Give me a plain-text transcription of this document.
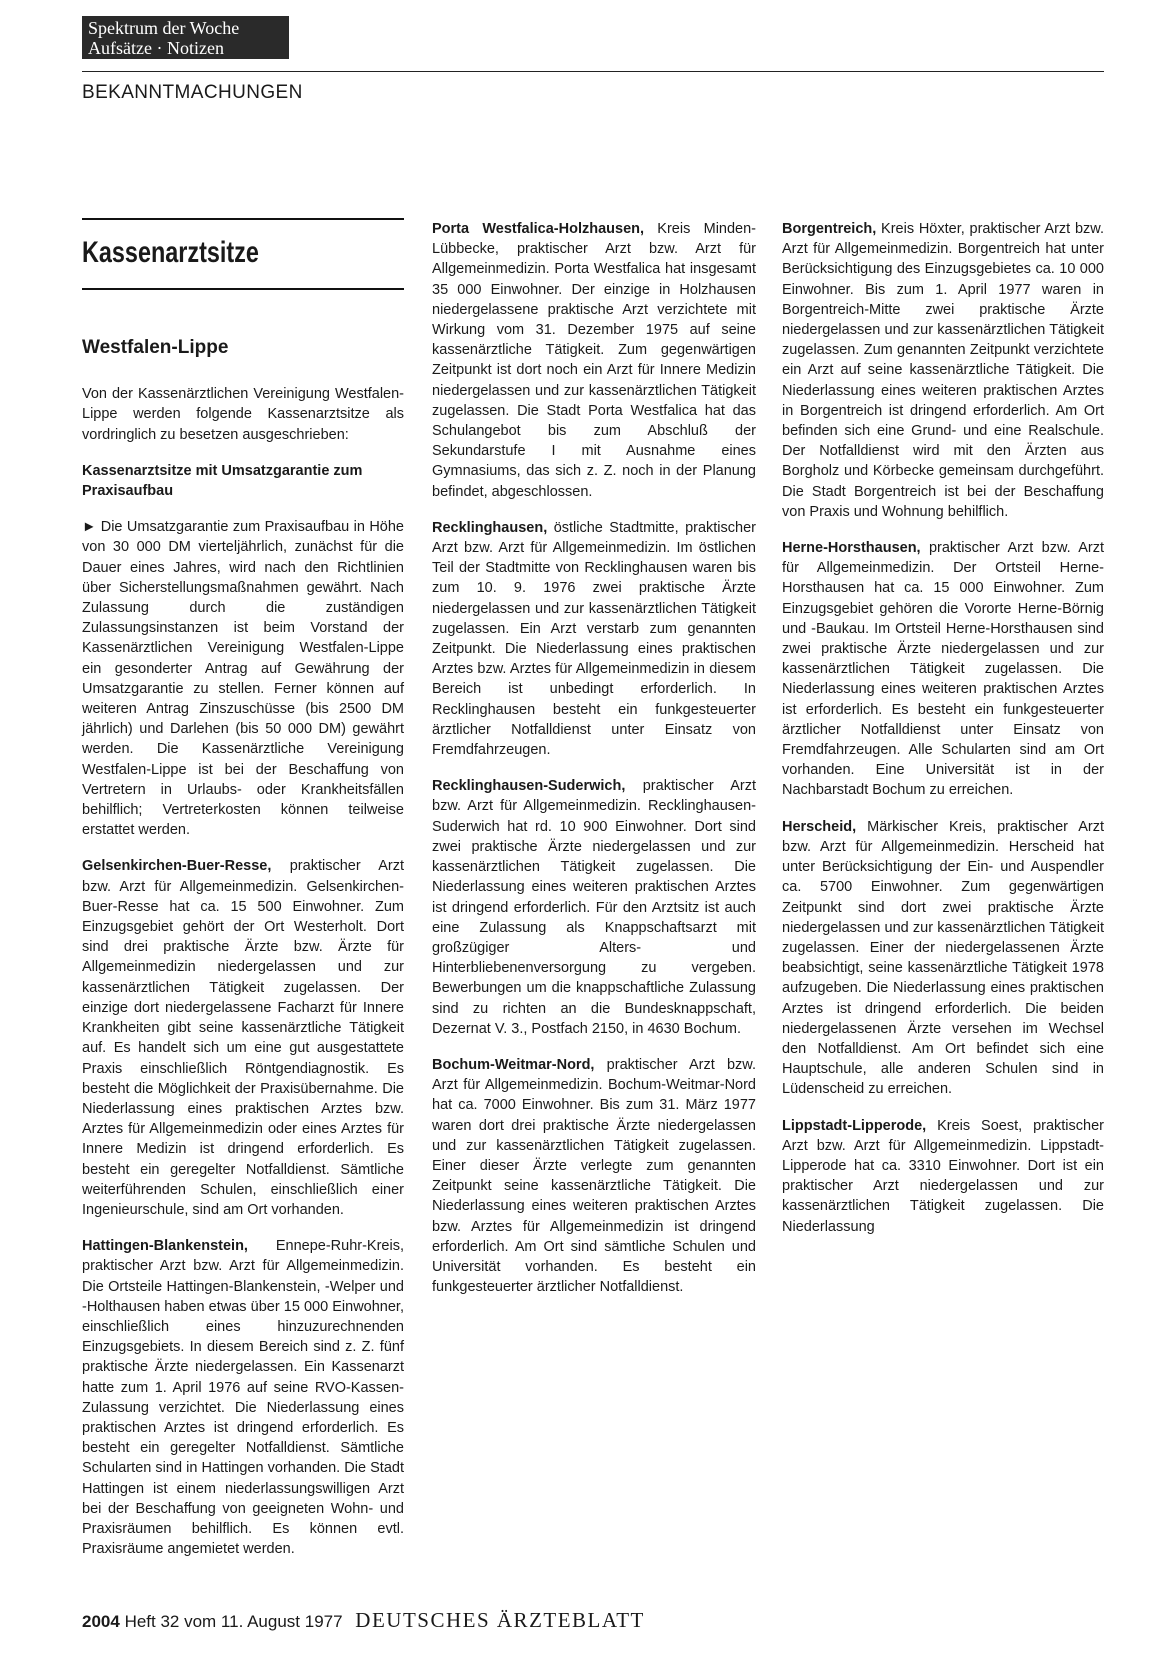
Spektrum der Woche
Aufsätze · Notizen
BEKANNTMACHUNGEN
Kassenarztsitze
Westfalen-Lippe

Von der Kassenärztlichen Vereinigung Westfalen-Lippe werden folgende Kassenarztsitze als vordringlich zu besetzen ausgeschrieben:

Kassenarztsitze mit Umsatzgarantie zum Praxisaufbau

► Die Umsatzgarantie zum Praxisaufbau in Höhe von 30 000 DM vierteljährlich, zunächst für die Dauer eines Jahres, wird nach den Richtlinien über Sicherstellungsmaßnahmen gewährt. Nach Zulassung durch die zuständigen Zulassungsinstanzen ist beim Vorstand der Kassenärztlichen Vereinigung Westfalen-Lippe ein gesonderter Antrag auf Gewährung der Umsatzgarantie zu stellen. Ferner können auf weiteren Antrag Zinszuschüsse (bis 2500 DM jährlich) und Darlehen (bis 50 000 DM) gewährt werden. Die Kassenärztliche Vereinigung Westfalen-Lippe ist bei der Beschaffung von Vertretern in Urlaubs- oder Krankheitsfällen behilflich; Vertreterkosten können teilweise erstattet werden.

Gelsenkirchen-Buer-Resse, praktischer Arzt bzw. Arzt für Allgemeinmedizin. Gelsenkirchen-Buer-Resse hat ca. 15 500 Einwohner. Zum Einzugsgebiet gehört der Ort Westerholt. Dort sind drei praktische Ärzte bzw. Ärzte für Allgemeinmedizin niedergelassen und zur kassenärztlichen Tätigkeit zugelassen. Der einzige dort niedergelassene Facharzt für Innere Krankheiten gibt seine kassenärztliche Tätigkeit auf. Es handelt sich um eine gut ausgestattete Praxis einschließlich Röntgendiagnostik. Es besteht die Möglichkeit der Praxisübernahme. Die Niederlassung eines praktischen Arztes bzw. Arztes für Allgemeinmedizin oder eines Arztes für Innere Medizin ist dringend erforderlich. Es besteht ein geregelter Notfalldienst. Sämtliche weiterführenden Schulen, einschließlich einer Ingenieurschule, sind am Ort vorhanden.

Hattingen-Blankenstein, Ennepe-Ruhr-Kreis, praktischer Arzt bzw. Arzt für Allgemeinmedizin. Die Ortsteile Hattingen-Blankenstein, -Welper und -Holthausen haben etwas über 15 000 Einwohner, einschließlich eines hinzuzurechnenden Einzugsgebiets. In diesem Bereich sind z. Z. fünf praktische Ärzte niedergelassen. Ein Kassenarzt hatte zum 1. April 1976 auf seine RVO-Kassen-Zulassung verzichtet. Die Niederlassung eines praktischen Arztes ist dringend erforderlich. Es besteht ein geregelter Notfalldienst. Sämtliche Schularten sind in Hattingen vorhanden. Die Stadt Hattingen ist einem niederlassungswilligen Arzt bei der Beschaffung von geeigneten Wohn- und Praxisräumen behilflich. Es können evtl. Praxisräume angemietet werden.

Porta Westfalica-Holzhausen, Kreis Minden-Lübbecke, praktischer Arzt bzw. Arzt für Allgemeinmedizin. Porta Westfalica hat insgesamt 35 000 Einwohner. Der einzige in Holzhausen niedergelassene praktische Arzt verzichtete mit Wirkung vom 31. Dezember 1975 auf seine kassenärztliche Tätigkeit. Zum gegenwärtigen Zeitpunkt ist dort noch ein Arzt für Innere Medizin niedergelassen und zur kassenärztlichen Tätigkeit zugelassen. Die Stadt Porta Westfalica hat das Schulangebot bis zum Abschluß der Sekundarstufe I mit Ausnahme eines Gymnasiums, das sich z. Z. noch in der Planung befindet, abgeschlossen.

Recklinghausen, östliche Stadtmitte, praktischer Arzt bzw. Arzt für Allgemeinmedizin. Im östlichen Teil der Stadtmitte von Recklinghausen waren bis zum 10. 9. 1976 zwei praktische Ärzte niedergelassen und zur kassenärztlichen Tätigkeit zugelassen. Ein Arzt verstarb zum genannten Zeitpunkt. Die Niederlassung eines praktischen Arztes bzw. Arztes für Allgemeinmedizin in diesem Bereich ist unbedingt erforderlich. In Recklinghausen besteht ein funkgesteuerter ärztlicher Notfalldienst unter Einsatz von Fremdfahrzeugen.

Recklinghausen-Suderwich, praktischer Arzt bzw. Arzt für Allgemeinmedizin. Recklinghausen-Suderwich hat rd. 10 900 Einwohner. Dort sind zwei praktische Ärzte niedergelassen und zur kassenärztlichen Tätigkeit zugelassen. Die Niederlassung eines weiteren praktischen Arztes ist dringend erforderlich. Für den Arztsitz ist auch eine Zulassung als Knappschaftsarzt mit großzügiger Alters- und Hinterbliebenenversorgung zu vergeben. Bewerbungen um die knappschaftliche Zulassung sind zu richten an die Bundesknappschaft, Dezernat V. 3., Postfach 2150, in 4630 Bochum.

Bochum-Weitmar-Nord, praktischer Arzt bzw. Arzt für Allgemeinmedizin. Bochum-Weitmar-Nord hat ca. 7000 Einwohner. Bis zum 31. März 1977 waren dort drei praktische Ärzte niedergelassen und zur kassenärztlichen Tätigkeit zugelassen. Einer dieser Ärzte verlegte zum genannten Zeitpunkt seine kassenärztliche Tätigkeit. Die Niederlassung eines weiteren praktischen Arztes bzw. Arztes für Allgemeinmedizin ist dringend erforderlich. Am Ort sind sämtliche Schulen und Universität vorhanden. Es besteht ein funkgesteuerter ärztlicher Notfalldienst.

Borgentreich, Kreis Höxter, praktischer Arzt bzw. Arzt für Allgemeinmedizin. Borgentreich hat unter Berücksichtigung des Einzugsgebietes ca. 10 000 Einwohner. Bis zum 1. April 1977 waren in Borgentreich-Mitte zwei praktische Ärzte niedergelassen und zur kassenärztlichen Tätigkeit zugelassen. Zum genannten Zeitpunkt verzichtete ein Arzt auf seine kassenärztliche Tätigkeit. Die Niederlassung eines weiteren praktischen Arztes in Borgentreich ist dringend erforderlich. Am Ort befinden sich eine Grund- und eine Realschule. Der Notfalldienst wird mit den Ärzten aus Borgholz und Körbecke gemeinsam durchgeführt. Die Stadt Borgentreich ist bei der Beschaffung von Praxis und Wohnung behilflich.

Herne-Horsthausen, praktischer Arzt bzw. Arzt für Allgemeinmedizin. Der Ortsteil Herne-Horsthausen hat ca. 15 000 Einwohner. Zum Einzugsgebiet gehören die Vororte Herne-Börnig und -Baukau. Im Ortsteil Herne-Horsthausen sind zwei praktische Ärzte niedergelassen und zur kassenärztlichen Tätigkeit zugelassen. Die Niederlassung eines weiteren praktischen Arztes ist erforderlich. Es besteht ein funkgesteuerter ärztlicher Notfalldienst unter Einsatz von Fremdfahrzeugen. Alle Schularten sind am Ort vorhanden. Eine Universität ist in der Nachbarstadt Bochum zu erreichen.

Herscheid, Märkischer Kreis, praktischer Arzt bzw. Arzt für Allgemeinmedizin. Herscheid hat unter Berücksichtigung der Ein- und Auspendler ca. 5700 Einwohner. Zum gegenwärtigen Zeitpunkt sind dort zwei praktische Ärzte niedergelassen und zur kassenärztlichen Tätigkeit zugelassen. Einer der niedergelassenen Ärzte beabsichtigt, seine kassenärztliche Tätigkeit 1978 aufzugeben. Die Niederlassung eines praktischen Arztes ist dringend erforderlich. Die beiden niedergelassenen Ärzte versehen im Wechsel den Notfalldienst. Am Ort befindet sich eine Hauptschule, alle anderen Schulen sind in Lüdenscheid zu erreichen.

Lippstadt-Lipperode, Kreis Soest, praktischer Arzt bzw. Arzt für Allgemeinmedizin. Lippstadt-Lipperode hat ca. 3310 Einwohner. Dort ist ein praktischer Arzt niedergelassen und zur kassenärztlichen Tätigkeit zugelassen. Die Niederlassung

2004 Heft 32 vom 11. August 1977 DEUTSCHES ÄRZTEBLATT
